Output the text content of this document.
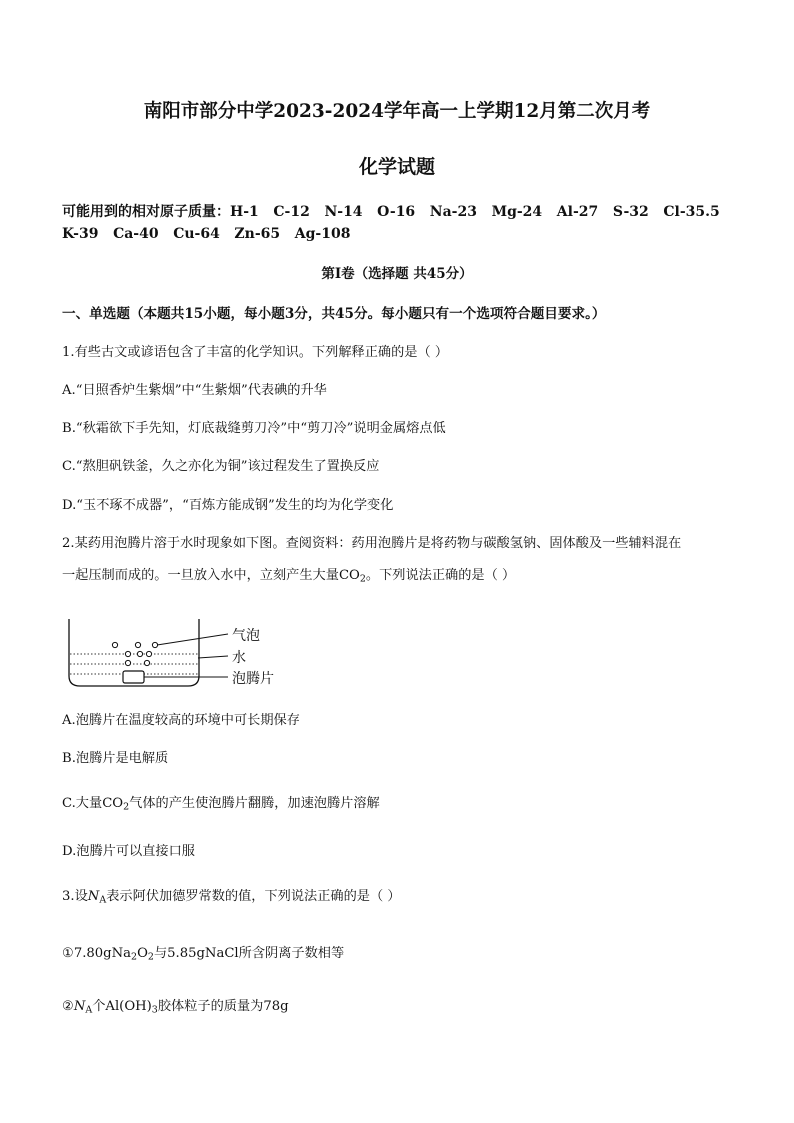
南阳市部分中学2023-2024学年高一上学期12月第二次月考
化学试题
可能用到的相对原子质量：H-1   C-12   N-14   O-16   Na-23   Mg-24   Al-27   S-32   Cl-35.5
K-39   Ca-40   Cu-64   Zn-65   Ag-108
第Ⅰ卷（选择题 共45分）
一、单选题（本题共15小题，每小题3分，共45分。每小题只有一个选项符合题目要求。）
1.有些古文或谚语包含了丰富的化学知识。下列解释正确的是（ ）
A.“日照香炉生紫烟”中“生紫烟”代表碘的升华
B.“秋霜欲下手先知，灯底裁缝剪刀冷”中“剪刀冷”说明金属熔点低
C.“熬胆矾铁釜，久之亦化为铜”该过程发生了置换反应
D.“玉不琢不成器”，“百炼方能成钢”发生的均为化学变化
2.某药用泡腾片溶于水时现象如下图。查阅资料：药用泡腾片是将药物与碳酸氢钠、固体酸及一些辅料混在
一起压制而成的。一旦放入水中，立刻产生大量$CO_2$。下列说法正确的是（ ）
气泡
水
泡腾片
A.泡腾片在温度较高的环境中可长期保存
B.泡腾片是电解质
C.大量$CO_2$气体的产生使泡腾片翻腾，加速泡腾片溶解
D.泡腾片可以直接口服
3.设$N_A$表示阿伏加德罗常数的值，下列说法正确的是（ ）
$①7.80gNa_2O_2$与5.85gNaCl所含阴离子数相等
$②N_A$个$Al(OH)_3$胶体粒子的质量为78g
